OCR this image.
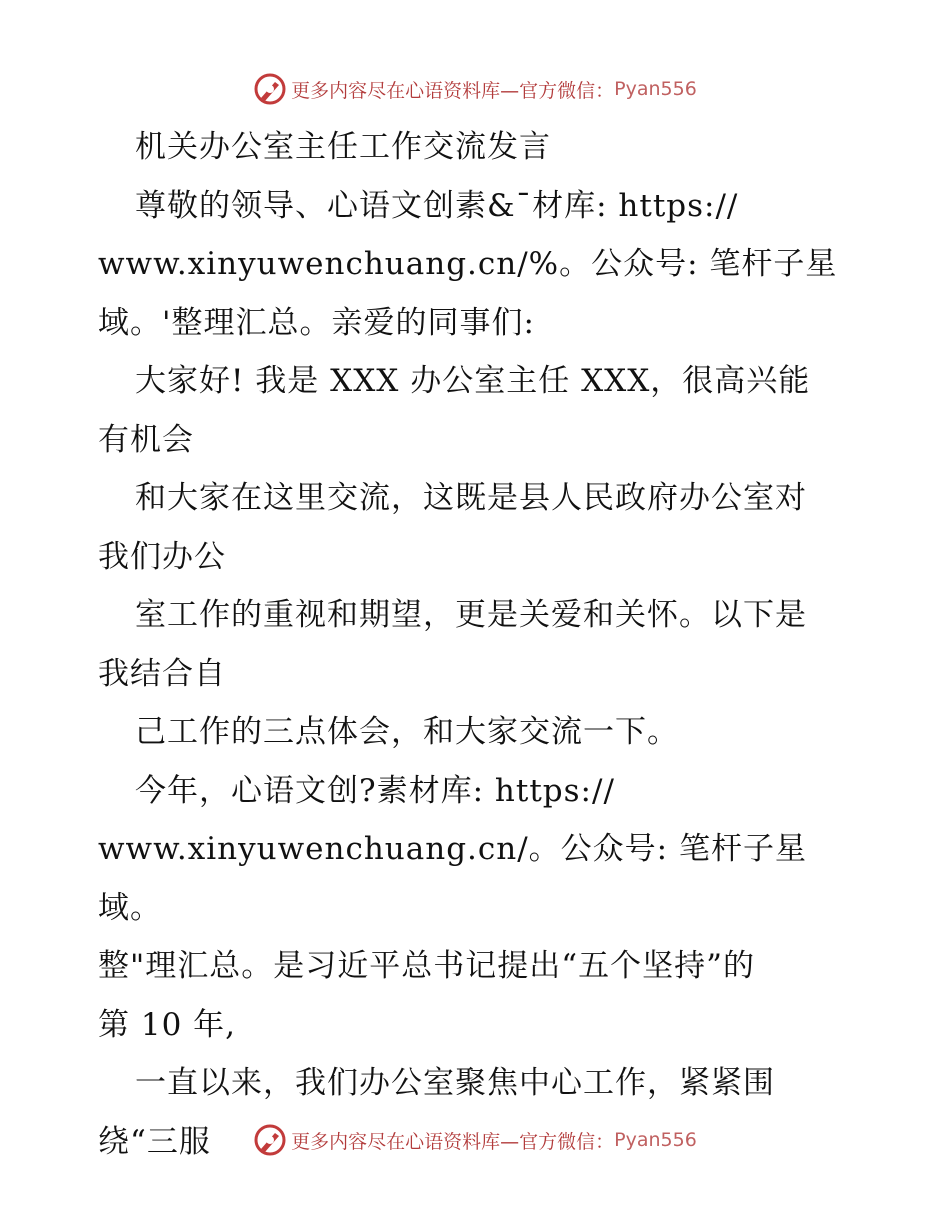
更多内容尽在心语资料库—官方微信： Pyan556

机关办公室主任工作交流发言

尊敬的领导、心语文创素&¯材库: https://

www.xinyuwenchuang.cn/%。公众号: 笔杆子星

域。'整理汇总。亲爱的同事们:

大家好! 我是 XXX 办公室主任 XXX，很高兴能

有机会

和大家在这里交流，这既是县人民政府办公室对

我们办公

室工作的重视和期望，更是关爱和关怀。以下是

我结合自

己工作的三点体会，和大家交流一下。

今年，心语文创?素材库: https://

www.xinyuwenchuang.cn/。公众号: 笔杆子星域。

整"理汇总。是习近平总书记提出“五个坚持”的

第 10 年,

一直以来，我们办公室聚焦中心工作，紧紧围

绕“三服	更多内容尽在心语资料库—官方微信： Pyan556
